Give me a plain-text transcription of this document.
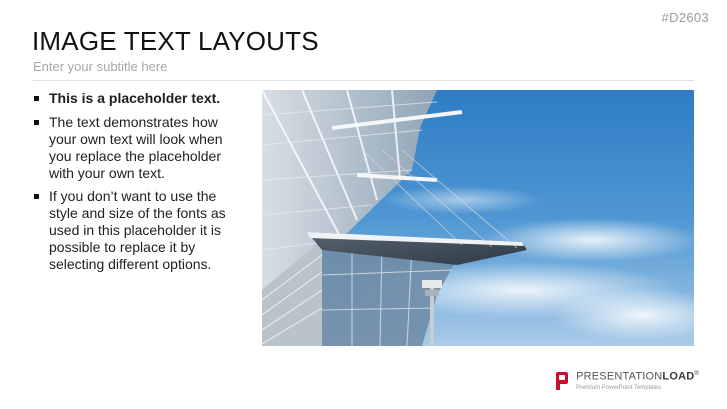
#D2603
IMAGE TEXT LAYOUTS
Enter your subtitle here
This is a placeholder text.
The text demonstrates how your own text will look when you replace the placeholder with your own text.
If you don’t want to use the style and size of the fonts as used in this placeholder it is possible to replace it by selecting different options.
PRESENTATIONLOAD®
Premium PowerPoint Templates
